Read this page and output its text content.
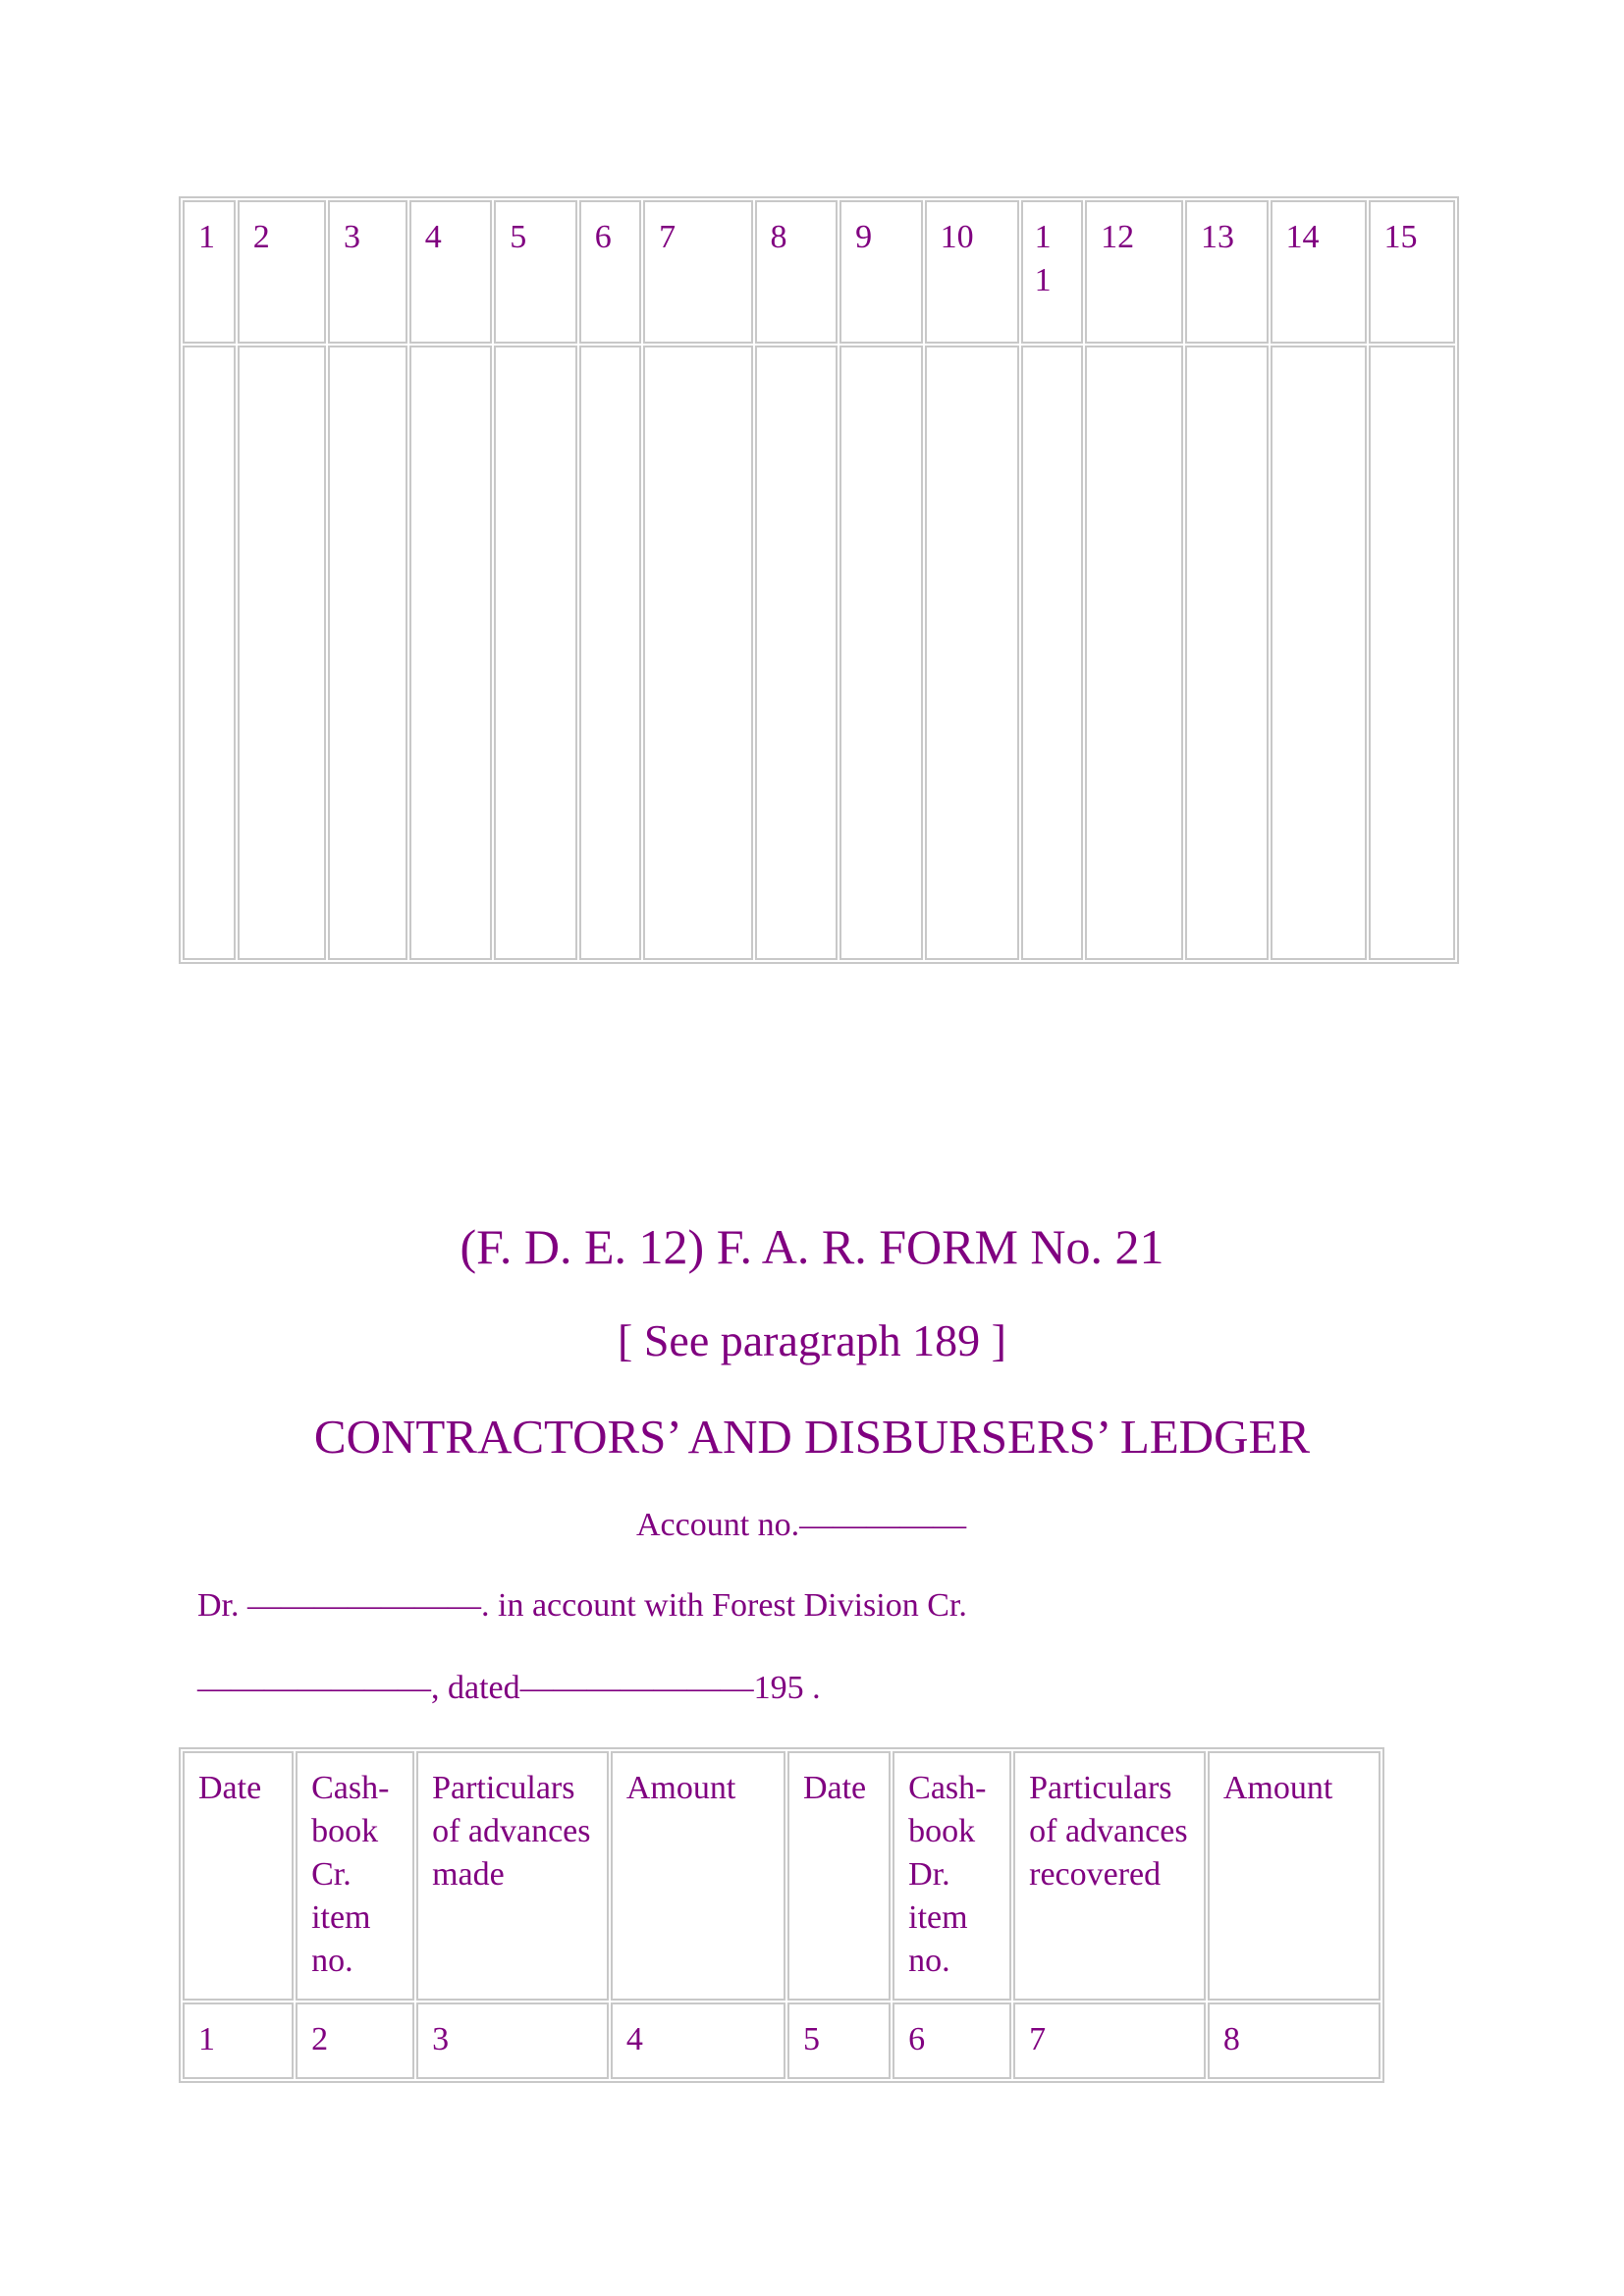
1	2	3	4	5	6	7	8	9	10	1 1	12	13	14	15

(F. D. E. 12) F. A. R. FORM No. 21
[ See paragraph 189 ]
CONTRACTORS’ AND DISBURSERS’ LEDGER
Account no.—————
Dr. ———————. in account with Forest Division Cr.
———————, dated———————195 .
Date	Cash-book Cr. item no.	Particulars of advances made	Amount	Date	Cash-book Dr. item no.	Particulars of advances recovered	Amount
1	2	3	4	5	6	7	8
